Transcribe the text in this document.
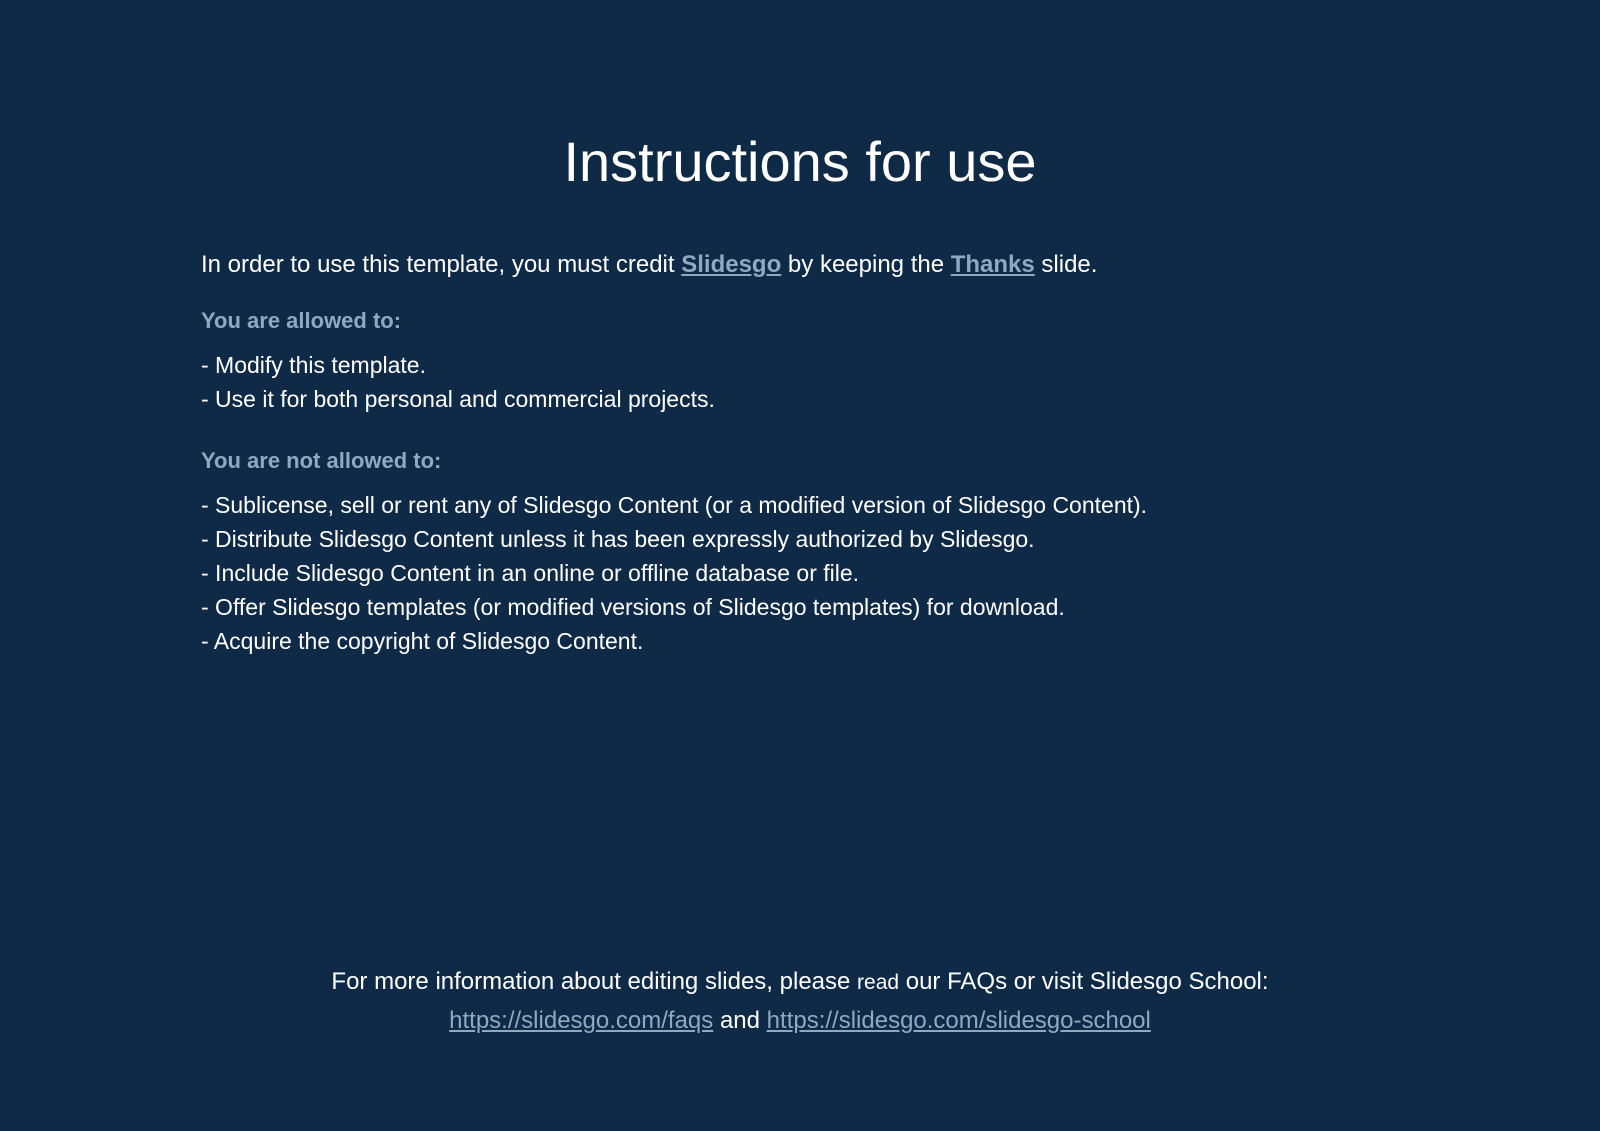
Instructions for use

In order to use this template, you must credit Slidesgo by keeping the Thanks slide.

You are allowed to:
- Modify this template.
- Use it for both personal and commercial projects.
You are not allowed to:
- Sublicense, sell or rent any of Slidesgo Content (or a modified version of Slidesgo Content).
- Distribute Slidesgo Content unless it has been expressly authorized by Slidesgo.
- Include Slidesgo Content in an online or offline database or file.
- Offer Slidesgo templates (or modified versions of Slidesgo templates) for download.
- Acquire the copyright of Slidesgo Content.
For more information about editing slides, please read our FAQs or visit Slidesgo School:
https://slidesgo.com/faqs and https://slidesgo.com/slidesgo-school
